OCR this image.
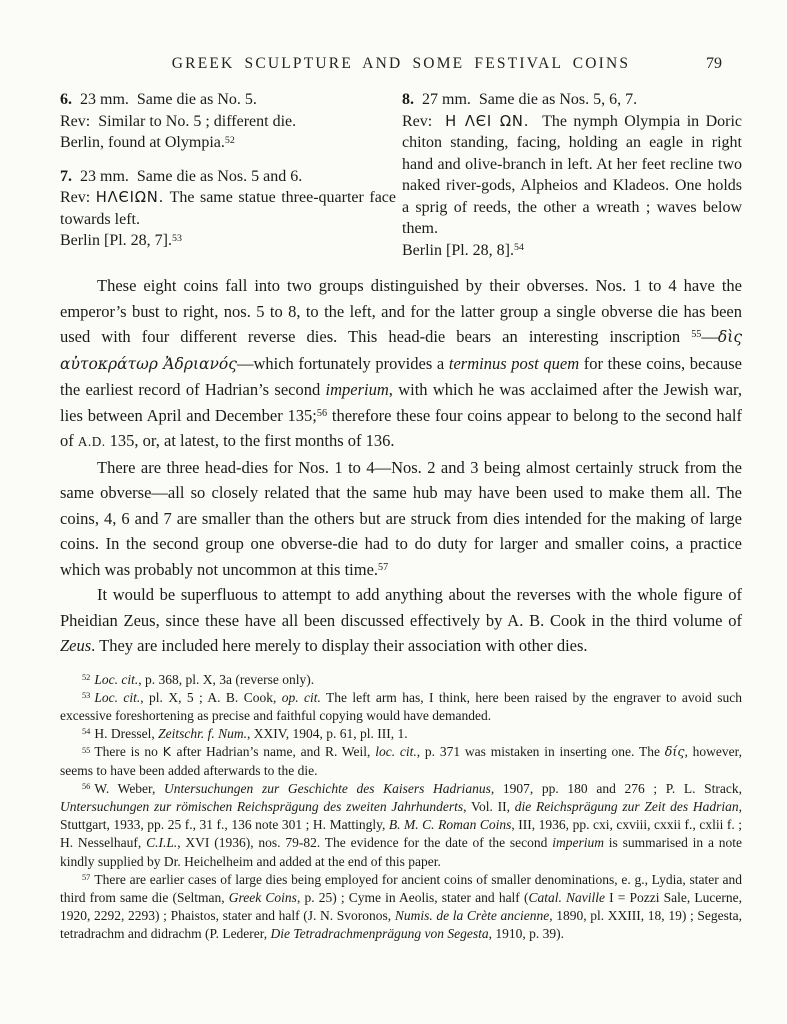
GREEK SCULPTURE AND SOME FESTIVAL COINS	79

6.  23 mm.  Same die as No. 5.

Rev:  Similar to No. 5 ; different die.

Berlin, found at Olympia.$^{52}$

7.  23 mm.  Same die as Nos. 5 and 6.

Rev: ΗΛЄΙΩΝ. The same statue three-quarter face towards left.

Berlin [Pl. 28, 7].$^{53}$

8.  27 mm.  Same die as Nos. 5, 6, 7.

Rev:  Η ΛЄΙ ΩΝ.  The nymph Olympia in Doric chiton standing, facing, holding an eagle in right hand and olive-branch in left. At her feet recline two naked river-gods, Alpheios and Kladeos. One holds a sprig of reeds, the other a wreath ; waves below them.

Berlin [Pl. 28, 8].$^{54}$

These eight coins fall into two groups distinguished by their obverses. Nos. 1 to 4 have the emperor’s bust to right, nos. 5 to 8, to the left, and for the latter group a single obverse die has been used with four different reverse dies. This head-die bears an interesting inscription $^{55}$—δὶς αὐτοκράτωρ Ἀδριανός—which fortunately provides a terminus post quem for these coins, because the earliest record of Hadrian’s second imperium, with which he was acclaimed after the Jewish war, lies between April and December 135;$^{56}$ therefore these four coins appear to belong to the second half of A.D. 135, or, at latest, to the first months of 136.

There are three head-dies for Nos. 1 to 4—Nos. 2 and 3 being almost certainly struck from the same obverse—all so closely related that the same hub may have been used to make them all. The coins, 4, 6 and 7 are smaller than the others but are struck from dies intended for the making of large coins. In the second group one obverse-die had to do duty for larger and smaller coins, a practice which was probably not uncommon at this time.$^{57}$

It would be superfluous to attempt to add anything about the reverses with the whole figure of Pheidian Zeus, since these have all been discussed effectively by A. B. Cook in the third volume of Zeus. They are included here merely to display their association with other dies.

$^{52}$ Loc. cit., p. 368, pl. X, 3a (reverse only).

$^{53}$ Loc. cit., pl. X, 5 ; A. B. Cook, op. cit. The left arm has, I think, here been raised by the engraver to avoid such excessive foreshortening as precise and faithful copying would have demanded.

$^{54}$ H. Dressel, Zeitschr. f. Num., XXIV, 1904, p. 61, pl. III, 1.

$^{55}$ There is no K after Hadrian’s name, and R. Weil, loc. cit., p. 371 was mistaken in inserting one. The δίς, however, seems to have been added afterwards to the die.

$^{56}$ W. Weber, Untersuchungen zur Geschichte des Kaisers Hadrianus, 1907, pp. 180 and 276 ; P. L. Strack, Untersuchungen zur römischen Reichsprägung des zweiten Jahrhunderts, Vol. II, die Reichsprägung zur Zeit des Hadrian, Stuttgart, 1933, pp. 25 f., 31 f., 136 note 301 ; H. Mattingly, B. M. C. Roman Coins, III, 1936, pp. cxi, cxviii, cxxii f., cxlii f. ; H. Nesselhauf, C.I.L., XVI (1936), nos. 79-82. The evidence for the date of the second imperium is summarised in a note kindly supplied by Dr. Heichelheim and added at the end of this paper.

$^{57}$ There are earlier cases of large dies being employed for ancient coins of smaller denominations, e. g., Lydia, stater and third from same die (Seltman, Greek Coins, p. 25) ; Cyme in Aeolis, stater and half (Catal. Naville I = Pozzi Sale, Lucerne, 1920, 2292, 2293) ; Phaistos, stater and half (J. N. Svoronos, Numis. de la Crète ancienne, 1890, pl. XXIII, 18, 19) ; Segesta, tetradrachm and didrachm (P. Lederer, Die Tetradrachmenprägung von Segesta, 1910, p. 39).
